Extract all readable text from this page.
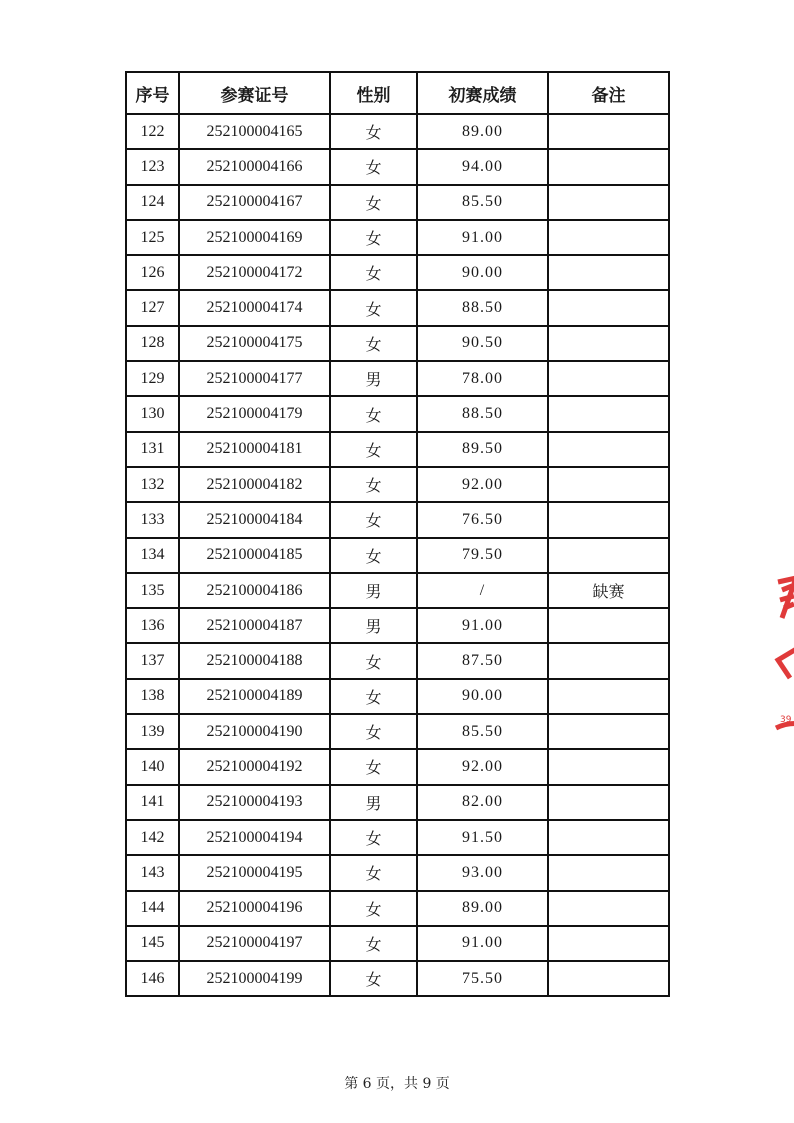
序号	参赛证号	性别	初赛成绩	备注
122	252100004165	女	89.00	
123	252100004166	女	94.00	
124	252100004167	女	85.50	
125	252100004169	女	91.00	
126	252100004172	女	90.00	
127	252100004174	女	88.50	
128	252100004175	女	90.50	
129	252100004177	男	78.00	
130	252100004179	女	88.50	
131	252100004181	女	89.50	
132	252100004182	女	92.00	
133	252100004184	女	76.50	
134	252100004185	女	79.50	
135	252100004186	男	/	缺赛
136	252100004187	男	91.00	
137	252100004188	女	87.50	
138	252100004189	女	90.00	
139	252100004190	女	85.50	
140	252100004192	女	92.00	
141	252100004193	男	82.00	
142	252100004194	女	91.50	
143	252100004195	女	93.00	
144	252100004196	女	89.00	
145	252100004197	女	91.00	
146	252100004199	女	75.50	
第 6 页，共 9 页
39
